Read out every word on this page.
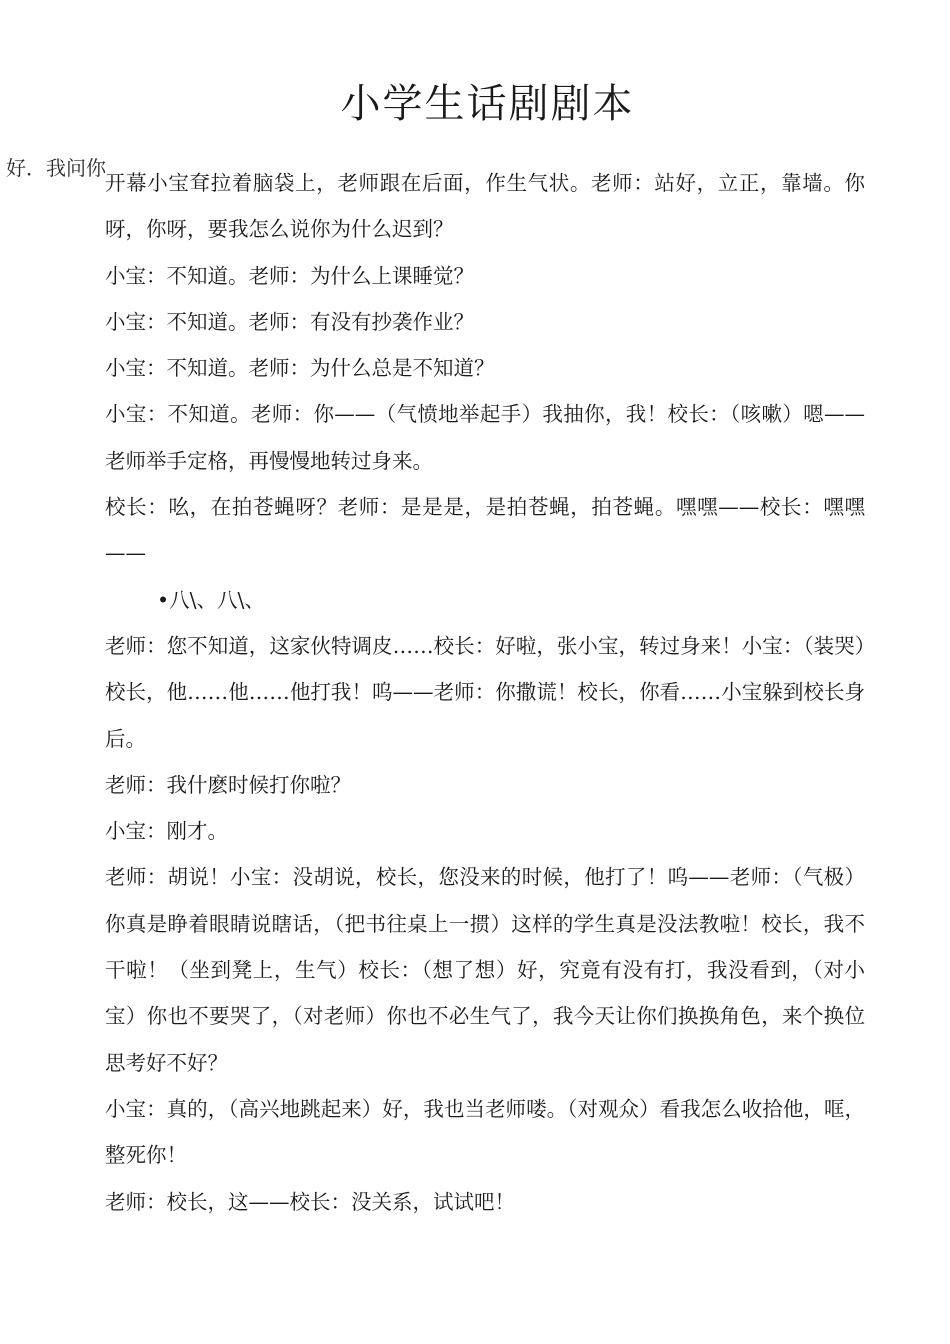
小学生话剧剧本
好．我问你

开幕小宝耷拉着脑袋上，老师跟在后面，作生气状。老师：站好，立正，靠墙。你呀，你呀，要我怎么说你为什么迟到？

小宝：不知道。老师：为什么上课睡觉？

小宝：不知道。老师：有没有抄袭作业？

小宝：不知道。老师：为什么总是不知道？

小宝：不知道。老师：你——（气愤地举起手）我抽你，我！校长：（咳嗽）嗯——老师举手定格，再慢慢地转过身来。

校长：吆，在拍苍蝇呀？老师：是是是，是拍苍蝇，拍苍蝇。嘿嘿——校长：嘿嘿——

•八\、八\、

老师：您不知道，这家伙特调皮……校长：好啦，张小宝，转过身来！小宝：（装哭）校长，他……他……他打我！呜——老师：你撒谎！校长，你看……小宝躲到校长身后。

老师：我什麽时候打你啦？

小宝：刚才。

老师：胡说！小宝：没胡说，校长，您没来的时候，他打了！呜——老师：（气极）你真是睁着眼睛说瞎话，（把书往桌上一掼）这样的学生真是没法教啦！校长，我不干啦！（坐到凳上，生气）校长：（想了想）好，究竟有没有打，我没看到，（对小宝）你也不要哭了，（对老师）你也不必生气了，我今天让你们换换角色，来个换位思考好不好？

小宝：真的，（高兴地跳起来）好，我也当老师喽。（对观众）看我怎么收拾他，哐，整死你！

老师：校长，这——校长：没关系，试试吧！
